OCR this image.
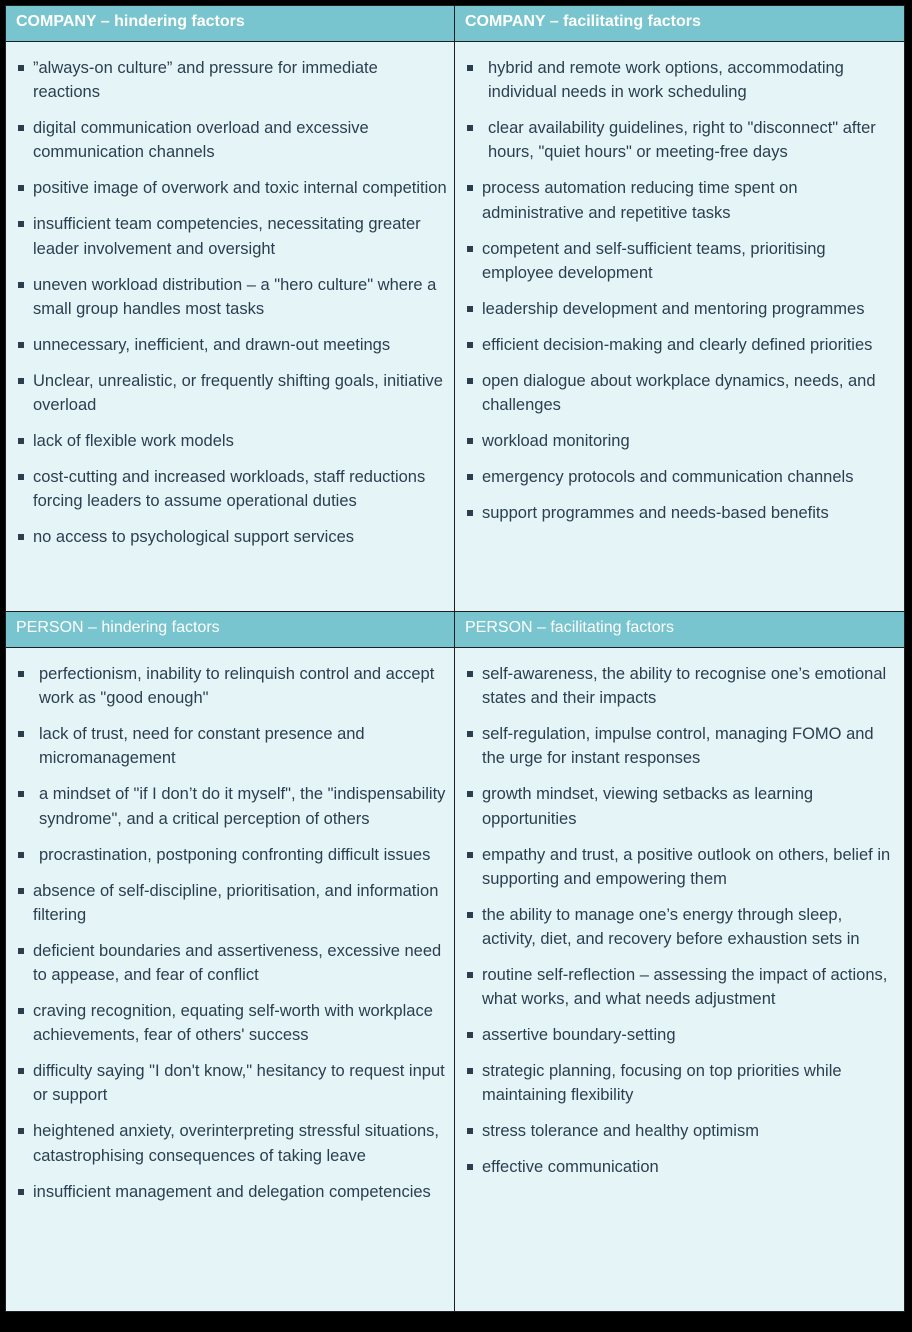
COMPANY – hindering factors	COMPANY – facilitating factors
”always-on culture” and pressure for immediate reactions
digital communication overload and excessive communication channels
positive image of overwork and toxic internal competition
insufficient team competencies, necessitating greater leader involvement and oversight
uneven workload distribution – a "hero culture" where a small group handles most tasks
unnecessary, inefficient, and drawn-out meetings
Unclear, unrealistic, or frequently shifting goals, initiative overload
lack of flexible work models
cost-cutting and increased workloads, staff reductions forcing leaders to assume operational duties
no access to psychological support services
hybrid and remote work options, accommodating individual needs in work scheduling
clear availability guidelines, right to "disconnect" after hours, "quiet hours" or meeting-free days
process automation reducing time spent on administrative and repetitive tasks
competent and self-sufficient teams, prioritising employee development
leadership development and mentoring programmes
efficient decision-making and clearly defined priorities
open dialogue about workplace dynamics, needs, and challenges
workload monitoring
emergency protocols and communication channels
support programmes and needs-based benefits
PERSON – hindering factors	PERSON – facilitating factors
perfectionism, inability to relinquish control and accept work as "good enough"
lack of trust, need for constant presence and micromanagement
a mindset of "if I don’t do it myself", the "indispensability syndrome", and a critical perception of others
procrastination, postponing confronting difficult issues
absence of self-discipline, prioritisation, and information filtering
deficient boundaries and assertiveness, excessive need to appease, and fear of conflict
craving recognition, equating self-worth with workplace achievements, fear of others' success
difficulty saying "I don't know," hesitancy to request input or support
heightened anxiety, overinterpreting stressful situations, catastrophising consequences of taking leave
insufficient management and delegation competencies
self-awareness, the ability to recognise one’s emotional states and their impacts
self-regulation, impulse control, managing FOMO and the urge for instant responses
growth mindset, viewing setbacks as learning opportunities
empathy and trust, a positive outlook on others, belief in supporting and empowering them
the ability to manage one’s energy through sleep, activity, diet, and recovery before exhaustion sets in
routine self-reflection – assessing the impact of actions, what works, and what needs adjustment
assertive boundary-setting
strategic planning, focusing on top priorities while maintaining flexibility
stress tolerance and healthy optimism
effective communication
